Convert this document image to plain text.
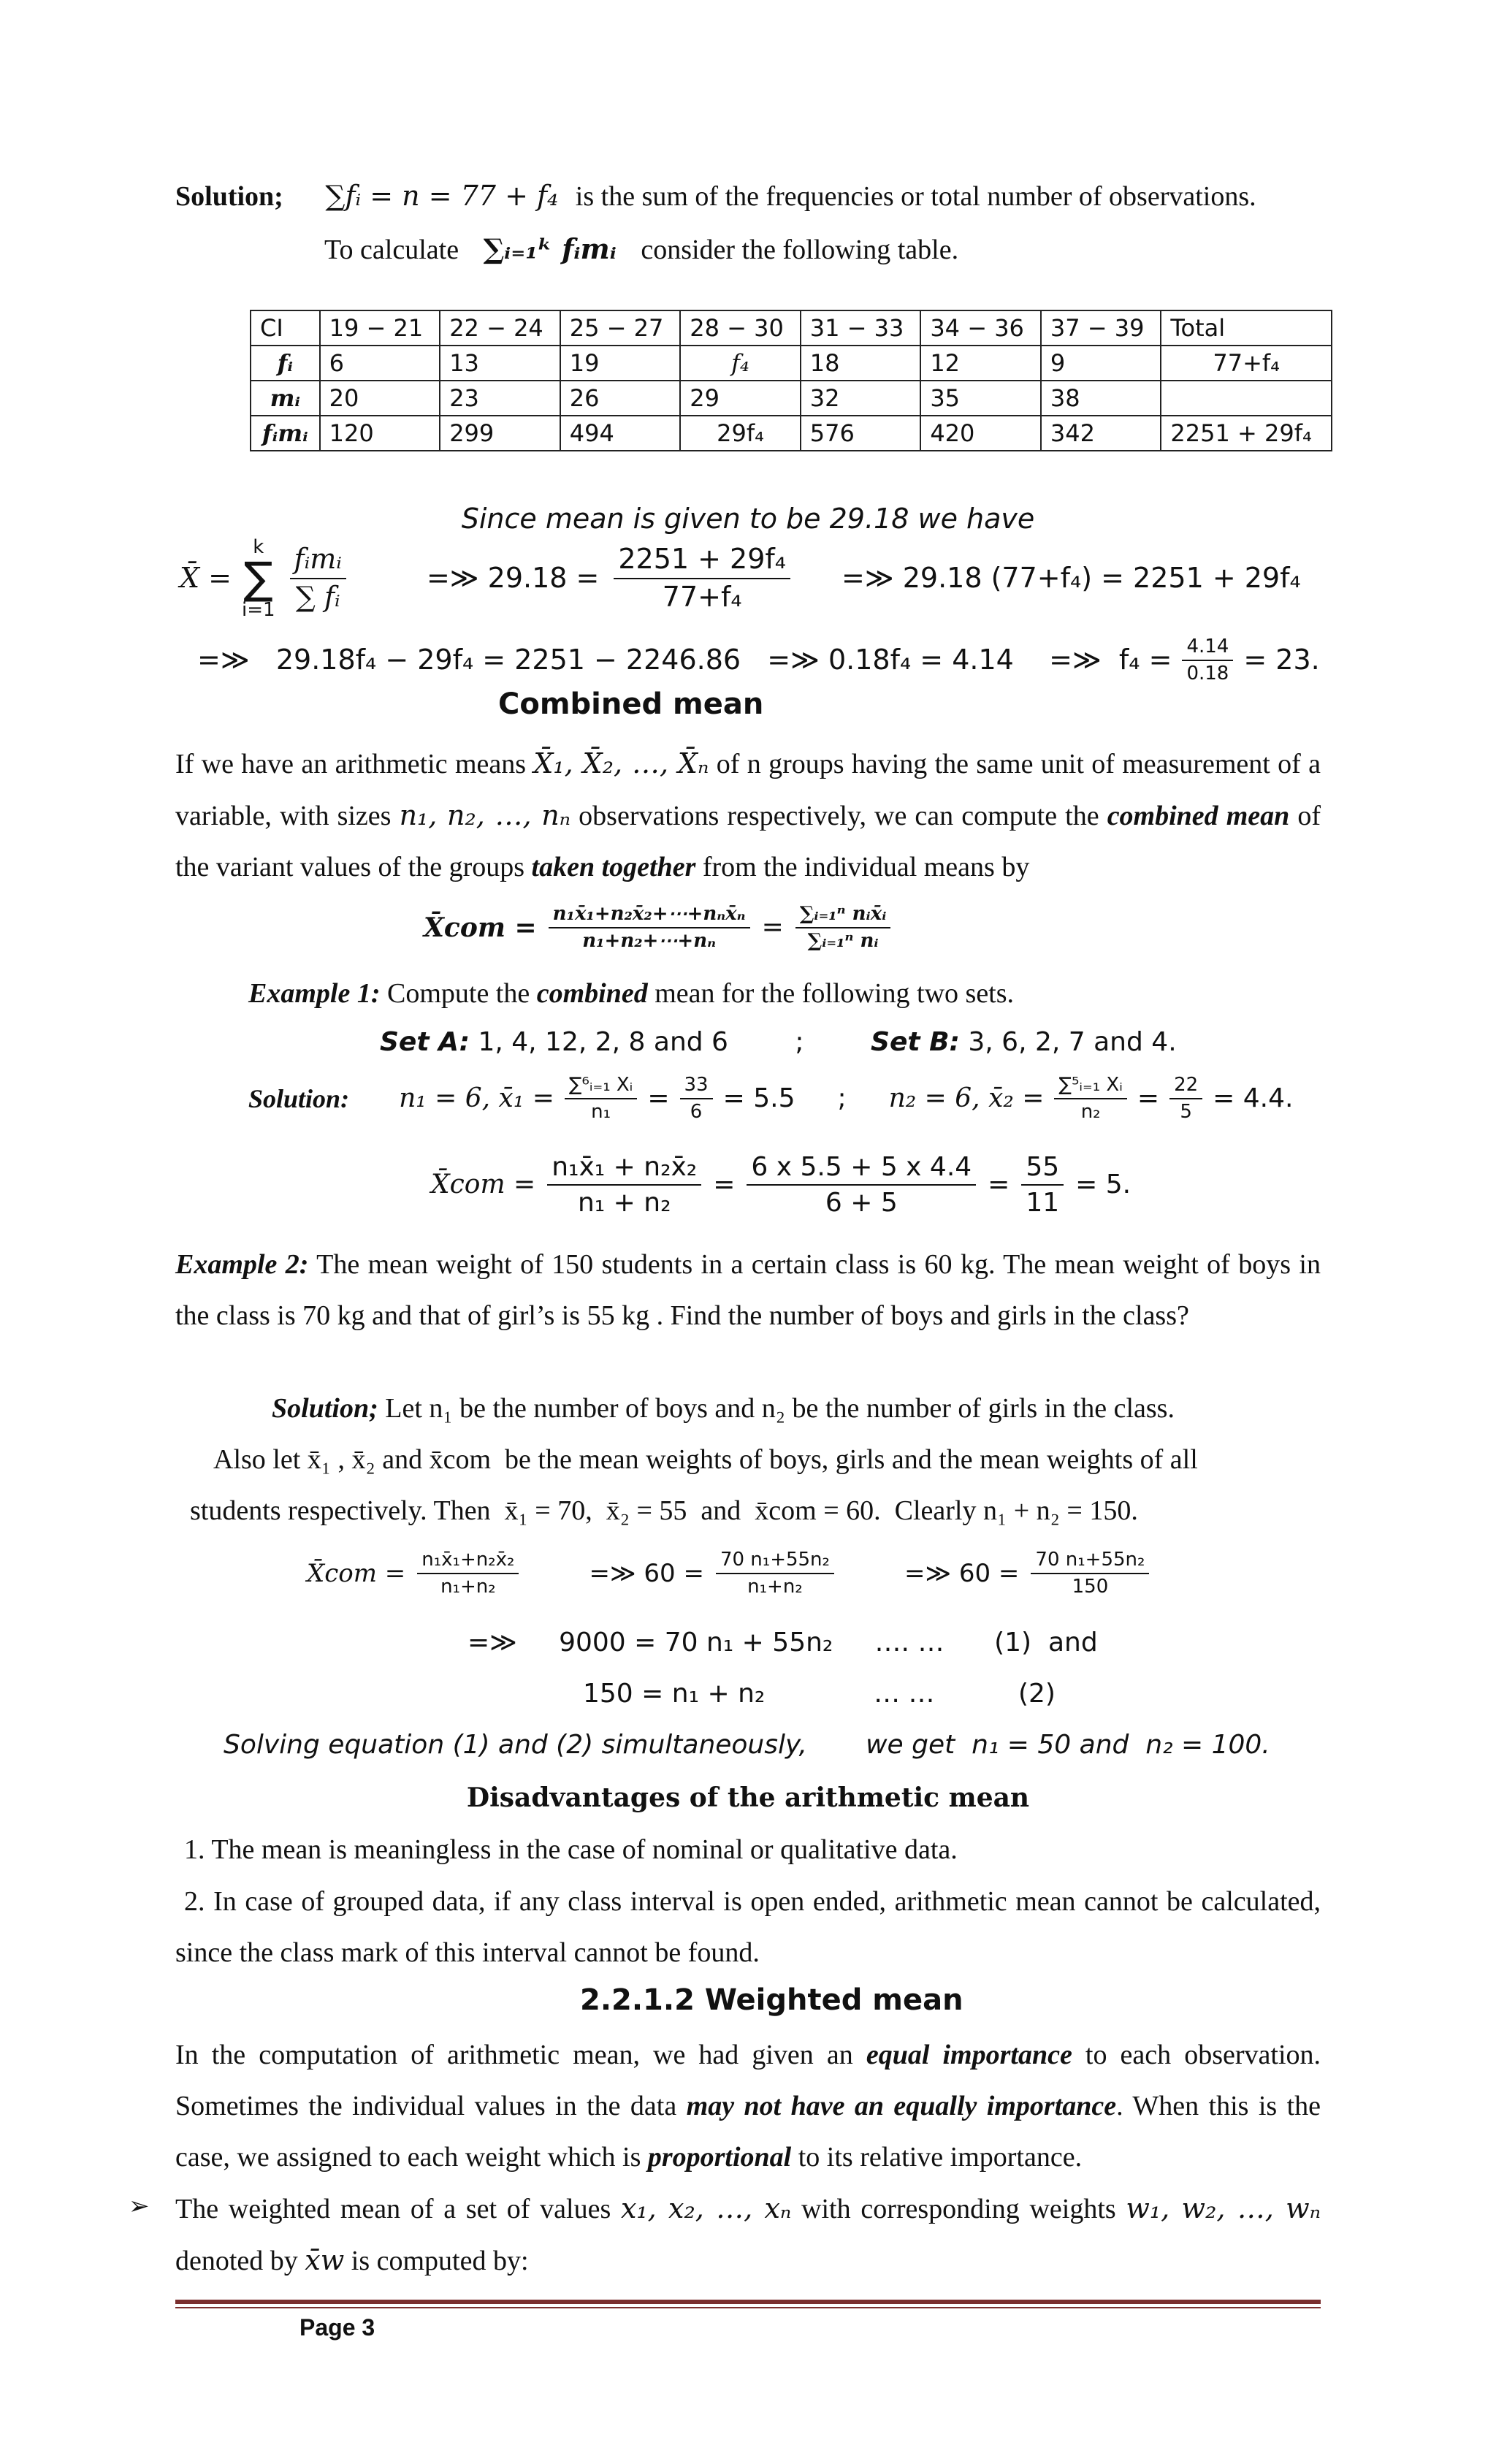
Solution; ∑fᵢ = n = 77 + f₄ is the sum of the frequencies or total number of observations.
To calculate ∑ᵢ₌₁ᵏ fᵢmᵢ consider the following table.
CI	19 − 21	22 − 24	25 − 27	28 − 30	31 − 33	34 − 36	37 − 39	Total
fᵢ	6	13	19	f₄	18	12	9	77+f₄
mᵢ	20	23	26	29	32	35	38	
fᵢmᵢ	120	299	494	29f₄	576	420	342	2251 + 29f₄
Since mean is given to be 29.18 we have
X̄ =
k
∑
$i=1 \frac{\text{fᵢmᵢ}}{\text{∑ fᵢ}}$	=≫ $29.18 = \frac{\text{2251 + 29f₄}}{\text{77+f₄}}$ =≫ 29.18 (77+f₄) = 2251 + 29f₄
=≫   29.18f₄ − 29f₄ = 2251 − 2246.86   =≫ 0.18f₄ = 4.14    =≫  $f_4 = \frac{4.14}{0.18} = 23$.
Combined mean
If we have an arithmetic means X̄₁, X̄₂, …, X̄ₙ of n groups having the same unit of measurement of a variable, with sizes n₁, n₂, …, nₙ observations respectively, we can compute the combined mean of the variant values of the groups taken together from the individual means by
X̄com = $\frac{\text{n₁x̄₁+n₂x̄₂+⋯+nₙx̄ₙ}}{\text{n₁+n₂+⋯+nₙ}} = \frac{\text{∑ᵢ₌₁ⁿ nᵢx̄ᵢ}}{\text{∑ᵢ₌₁ⁿ nᵢ}}$
Example 1: Compute the combined mean for the following two sets.
Set A: 1, 4, 12, 2, 8 and 6	;	Set B: 3, 6, 2, 7 and 4.
Solution: n₁ = 6, x̄₁ = $\frac{\text{∑⁶ᵢ₌₁ Xᵢ}}{\text{n₁}} = \frac{33}{6} = 5.5$ ; n₂ = 6, x̄₂ = $\frac{\text{∑⁵ᵢ₌₁ Xᵢ}}{\text{n₂}} = \frac{22}{5} = 4.4$.
X̄com = $\frac{\text{n₁x̄₁ + n₂x̄₂}}{\text{n₁ + n₂}} = \frac{6 x 5.5 + 5 x 4.4}{6 + 5} = \frac{55}{11} = 5$.
Example 2: The mean weight of 150 students in a certain class is 60 kg. The mean weight of boys in the class is 70 kg and that of girl’s is 55 kg . Find the number of boys and girls in the class?
Solution; Let n₁ be the number of boys and n₂ be the number of girls in the class.
Also let x̄₁ , x̄₂ and x̄com  be the mean weights of boys, girls and the mean weights of all
students respectively. Then  x̄₁ = 70,  x̄₂ = 55  and  x̄com = 60.  Clearly n₁ + n₂ = 150.
X̄com = $\frac{\text{n₁x̄₁+n₂x̄₂}}{\text{n₁+n₂}}$	=≫ $60 = \frac{\text{70 n₁+55n₂}}{\text{n₁+n₂}}$	=≫ $60 = \frac{\text{70 n₁+55n₂}}{150}$
=≫     9000 = 70 n₁ + 55n₂     …. …      (1)  and
150 = n₁ + n₂             … …          (2)
Solving equation (1) and (2) simultaneously,       we get  n₁ = 50 and  n₂ = 100.
Disadvantages of the arithmetic mean
1. The mean is meaningless in the case of nominal or qualitative data.
2. In case of grouped data, if any class interval is open ended, arithmetic mean cannot be calculated, since the class mark of this interval cannot be found.
2.2.1.2 Weighted mean
In the computation of arithmetic mean, we had given an equal importance to each observation. Sometimes the individual values in the data may not have an equally importance. When this is the case, we assigned to each weight which is proportional to its relative importance.
➢ The weighted mean of a set of values x₁, x₂, …, xₙ with corresponding weights w₁, w₂, …, wₙ denoted by x̄w is computed by:
Page 3
